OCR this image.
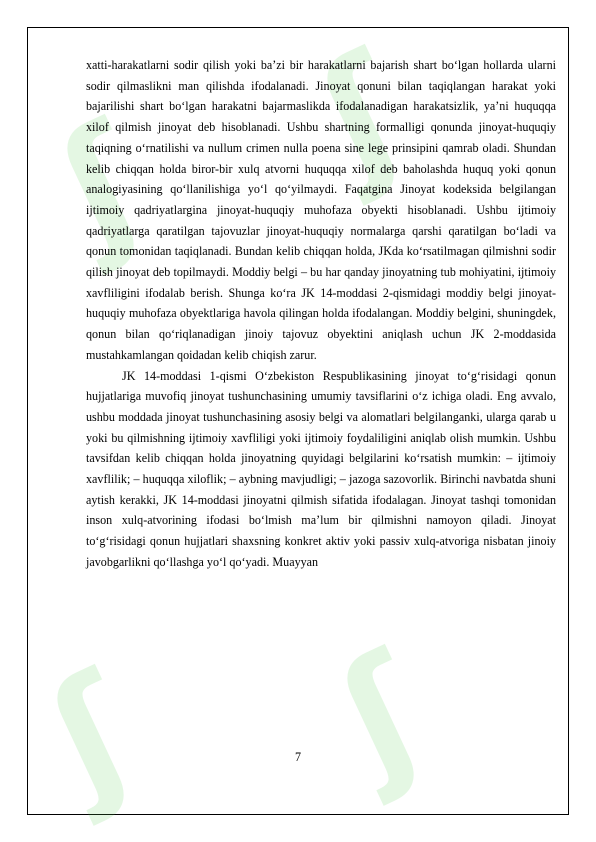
ʃ ʃ
ʃ ʃ

xatti-harakatlarni sodir qilish yoki ba’zi bir harakatlarni bajarish shart bo‘lgan hollarda ularni sodir qilmaslikni man qilishda ifodalanadi. Jinoyat qonuni bilan taqiqlangan harakat yoki bajarilishi shart bo‘lgan harakatni bajarmaslikda ifodalanadigan harakatsizlik, ya’ni huquqqa xilof qilmish jinoyat deb hisoblanadi. Ushbu shartning formalligi qonunda jinoyat-huquqiy taqiqning o‘rnatilishi va nullum crimen nulla poena sine lege prinsipini qamrab oladi. Shundan kelib chiqqan holda biror-bir xulq atvorni huquqqa xilof deb baholashda huquq yoki qonun analogiyasining qo‘llanilishiga yo‘l qo‘yilmaydi. Faqatgina Jinoyat kodeksida belgilangan ijtimoiy qadriyatlargina jinoyat-huquqiy muhofaza obyekti hisoblanadi. Ushbu ijtimoiy qadriyatlarga qaratilgan tajovuzlar jinoyat-huquqiy normalarga qarshi qaratilgan bo‘ladi va qonun tomonidan taqiqlanadi. Bundan kelib chiqqan holda, JKda ko‘rsatilmagan qilmishni sodir qilish jinoyat deb topilmaydi. Moddiy belgi – bu har qanday jinoyatning tub mohiyatini, ijtimoiy xavfliligini ifodalab berish. Shunga ko‘ra JK 14-moddasi 2-qismidagi moddiy belgi jinoyat- huquqiy muhofaza obyektlariga havola qilingan holda ifodalangan. Moddiy belgini, shuningdek, qonun bilan qo‘riqlanadigan jinoiy tajovuz obyektini aniqlash uchun JK 2-moddasida mustahkamlangan qoidadan kelib chiqish zarur.

JK 14-moddasi 1-qismi O‘zbekiston Respublikasining jinoyat to‘g‘risidagi qonun hujjatlariga muvofiq jinoyat tushunchasining umumiy tavsiflarini o‘z ichiga oladi. Eng avvalo, ushbu moddada jinoyat tushunchasining asosiy belgi va alomatlari belgilanganki, ularga qarab u yoki bu qilmishning ijtimoiy xavfliligi yoki ijtimoiy foydaliligini aniqlab olish mumkin. Ushbu tavsifdan kelib chiqqan holda jinoyatning quyidagi belgilarini ko‘rsatish mumkin: – ijtimoiy xavflilik; – huquqqa xiloflik; – aybning mavjudligi; – jazoga sazovorlik. Birinchi navbatda shuni aytish kerakki, JK 14-moddasi jinoyatni qilmish sifatida ifodalagan. Jinoyat tashqi tomonidan inson xulq-atvorining ifodasi bo‘lmish ma’lum bir qilmishni namoyon qiladi. Jinoyat to‘g‘risidagi qonun hujjatlari shaxsning konkret aktiv yoki passiv xulq-atvoriga nisbatan jinoiy javobgarlikni qo‘llashga yo‘l qo‘yadi. Muayyan

7
